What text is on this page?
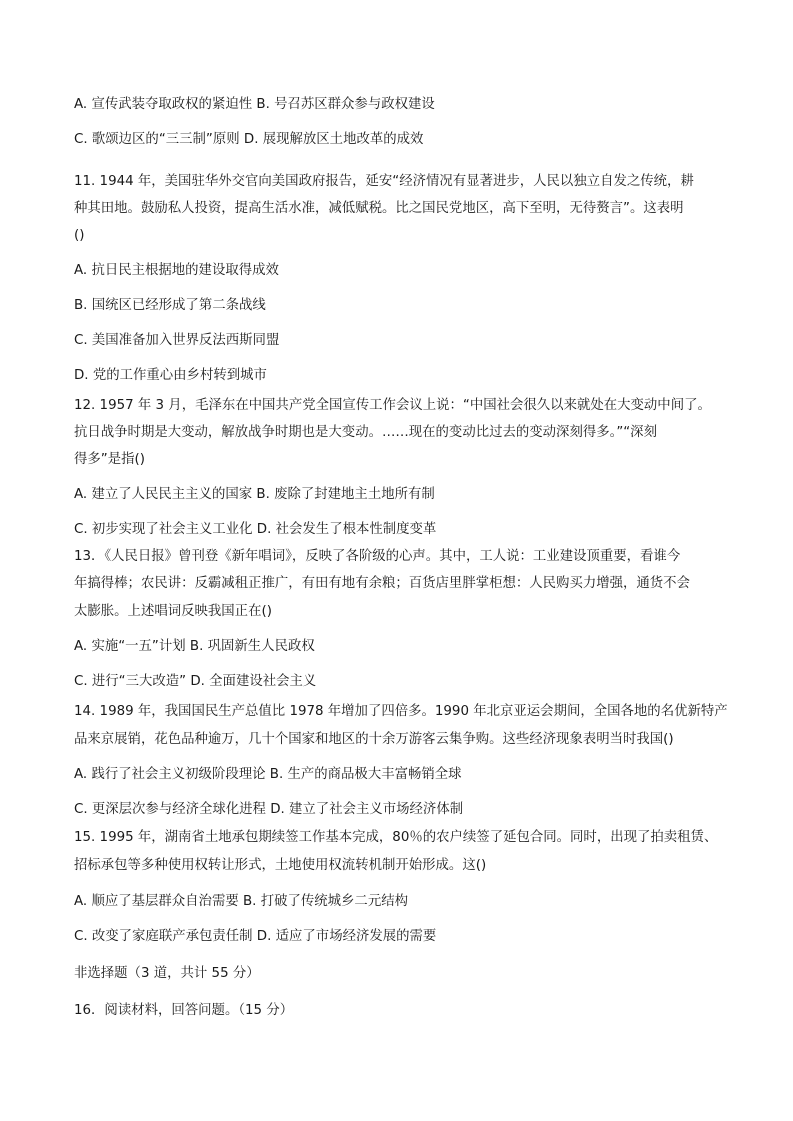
A. 宣传武装夺取政权的紧迫性 B. 号召苏区群众参与政权建设
C. 歌颂边区的“三三制”原则 D. 展现解放区土地改革的成效
11. 1944 年，美国驻华外交官向美国政府报告，延安“经济情况有显著进步，人民以独立自发之传统，耕
种其田地。鼓励私人投资，提高生活水准，减低赋税。比之国民党地区，高下至明，无待赘言”。这表明
()
A. 抗日民主根据地的建设取得成效
B. 国统区已经形成了第二条战线
C. 美国准备加入世界反法西斯同盟
D. 党的工作重心由乡村转到城市
12. 1957 年 3 月，毛泽东在中国共产党全国宣传工作会议上说：“中国社会很久以来就处在大变动中间了。
抗日战争时期是大变动，解放战争时期也是大变动。……现在的变动比过去的变动深刻得多。”“深刻
得多”是指()
A. 建立了人民民主主义的国家 B. 废除了封建地主土地所有制
C. 初步实现了社会主义工业化 D. 社会发生了根本性制度变革
13．《人民日报》曾刊登《新年唱词》，反映了各阶级的心声。其中，工人说：工业建设顶重要，看谁今
年搞得棒；农民讲：反霸减租正推广，有田有地有余粮；百货店里胖掌柜想：人民购买力增强，通货不会
太膨胀。上述唱词反映我国正在()
A. 实施“一五”计划 B. 巩固新生人民政权
C. 进行“三大改造” D. 全面建设社会主义
14. 1989 年，我国国民生产总值比 1978 年增加了四倍多。1990 年北京亚运会期间，全国各地的名优新特产
品来京展销，花色品种逾万，几十个国家和地区的十余万游客云集争购。这些经济现象表明当时我国()
A. 践行了社会主义初级阶段理论 B. 生产的商品极大丰富畅销全球
C. 更深层次参与经济全球化进程 D. 建立了社会主义市场经济体制
15. 1995 年，湖南省土地承包期续签工作基本完成，80％的农户续签了延包合同。同时，出现了拍卖租赁、
招标承包等多种使用权转让形式，土地使用权流转机制开始形成。这()
A. 顺应了基层群众自治需要 B. 打破了传统城乡二元结构
C. 改变了家庭联产承包责任制 D. 适应了市场经济发展的需要
非选择题（3 道，共计 55 分）
16．阅读材料，回答问题。（15 分）
